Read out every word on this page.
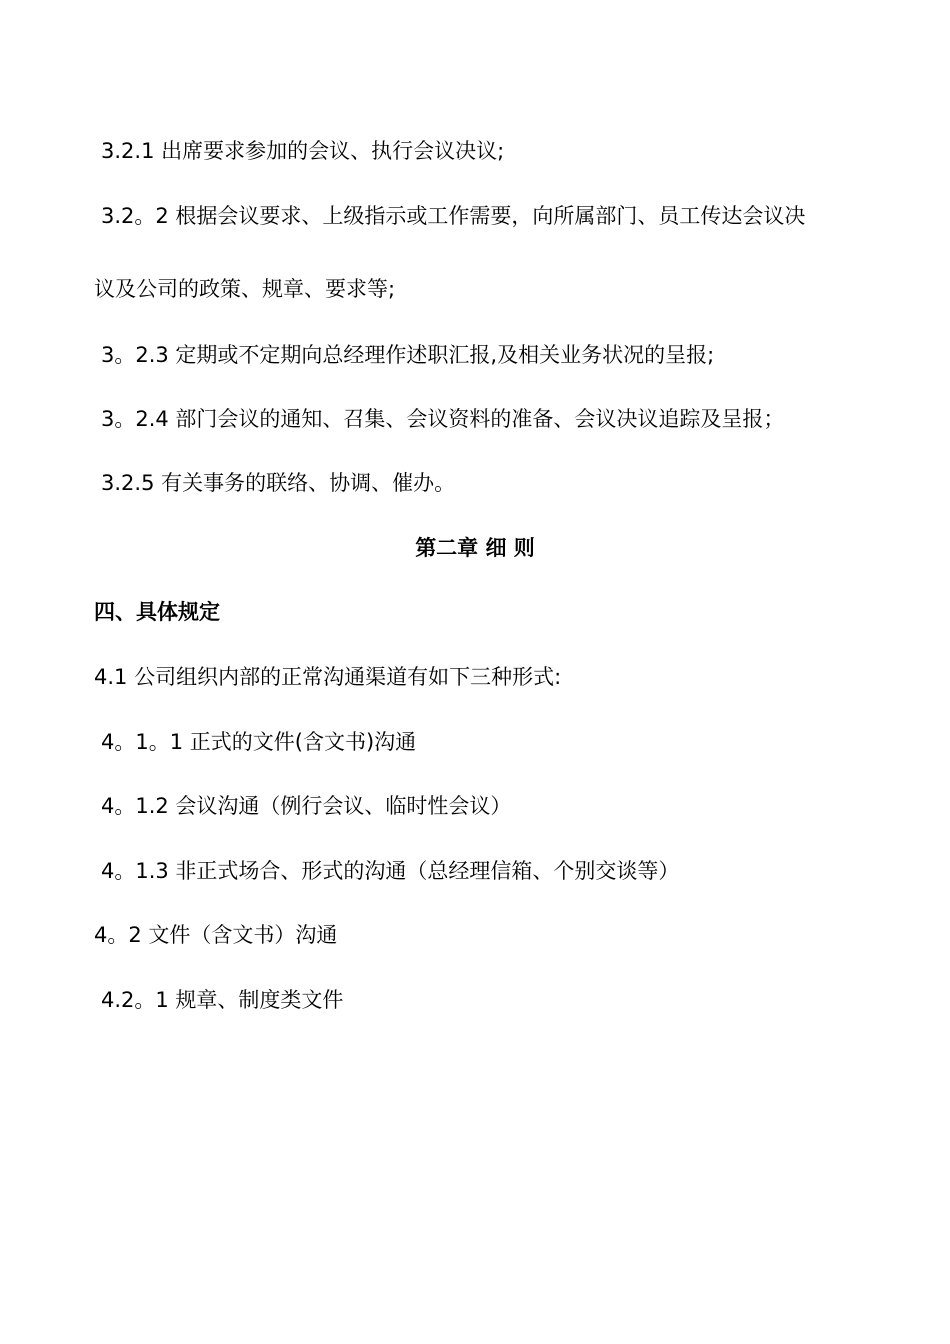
3.2.1 出席要求参加的会议、执行会议决议;
3.2。2 根据会议要求、上级指示或工作需要，向所属部门、员工传达会议决
议及公司的政策、规章、要求等;
3。2.3 定期或不定期向总经理作述职汇报,及相关业务状况的呈报;
3。2.4 部门会议的通知、召集、会议资料的准备、会议决议追踪及呈报；
3.2.5 有关事务的联络、协调、催办。
第二章 细 则
四、具体规定
4.1 公司组织内部的正常沟通渠道有如下三种形式:
4。1。1 正式的文件(含文书)沟通
4。1.2 会议沟通（例行会议、临时性会议）
4。1.3 非正式场合、形式的沟通（总经理信箱、个别交谈等）
4。2 文件（含文书）沟通
4.2。1 规章、制度类文件
